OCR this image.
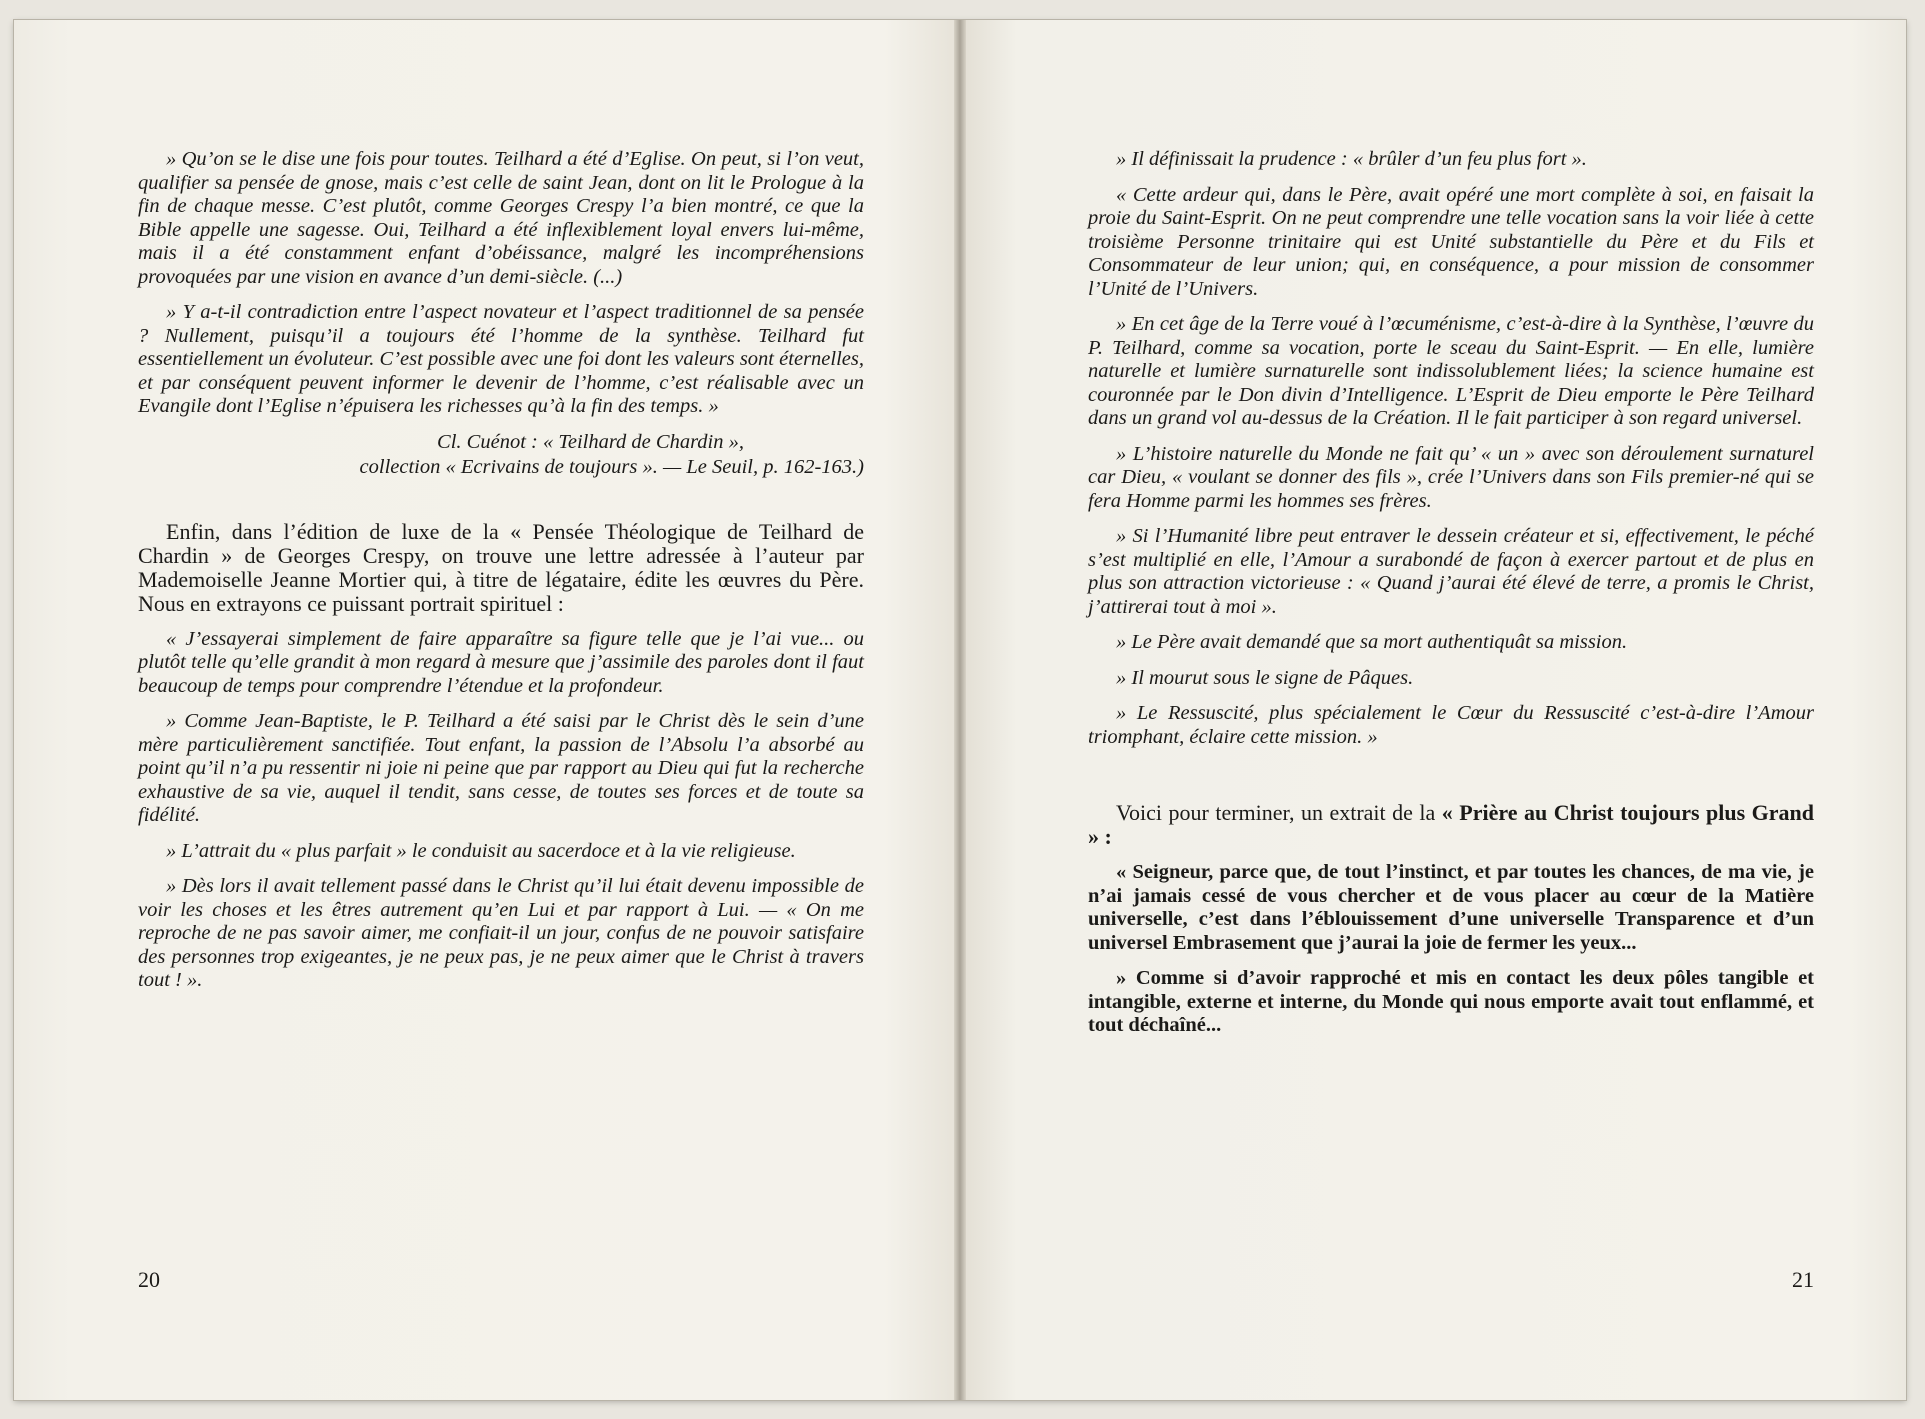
» Qu’on se le dise une fois pour toutes. Teilhard a été d’Eglise. On peut, si l’on veut, qualifier sa pensée de gnose, mais c’est celle de saint Jean, dont on lit le Prologue à la fin de chaque messe. C’est plutôt, comme Georges Crespy l’a bien montré, ce que la Bible appelle une sagesse. Oui, Teilhard a été inflexiblement loyal envers lui-même, mais il a été constamment enfant d’obéissance, malgré les incompréhensions provoquées par une vision en avance d’un demi-siècle. (...)

» Y a-t-il contradiction entre l’aspect novateur et l’aspect traditionnel de sa pensée ? Nullement, puisqu’il a toujours été l’homme de la synthèse. Teilhard fut essentiellement un évoluteur. C’est possible avec une foi dont les valeurs sont éternelles, et par conséquent peuvent informer le devenir de l’homme, c’est réalisable avec un Evangile dont l’Eglise n’épuisera les richesses qu’à la fin des temps. »

Cl. Cuénot : « Teilhard de Chardin »,

collection « Ecrivains de toujours ». — Le Seuil, p. 162-163.)

Enfin, dans l’édition de luxe de la « Pensée Théologique de Teilhard de Chardin » de Georges Crespy, on trouve une lettre adressée à l’auteur par Mademoiselle Jeanne Mortier qui, à titre de légataire, édite les œuvres du Père. Nous en extrayons ce puissant portrait spirituel :

« J’essayerai simplement de faire apparaître sa figure telle que je l’ai vue... ou plutôt telle qu’elle grandit à mon regard à mesure que j’assimile des paroles dont il faut beaucoup de temps pour comprendre l’étendue et la profondeur.

» Comme Jean-Baptiste, le P. Teilhard a été saisi par le Christ dès le sein d’une mère particulièrement sanctifiée. Tout enfant, la passion de l’Absolu l’a absorbé au point qu’il n’a pu ressentir ni joie ni peine que par rapport au Dieu qui fut la recherche exhaustive de sa vie, auquel il tendit, sans cesse, de toutes ses forces et de toute sa fidélité.

» L’attrait du « plus parfait » le conduisit au sacerdoce et à la vie religieuse.

» Dès lors il avait tellement passé dans le Christ qu’il lui était devenu impossible de voir les choses et les êtres autrement qu’en Lui et par rapport à Lui. — « On me reproche de ne pas savoir aimer, me confiait-il un jour, confus de ne pouvoir satisfaire des personnes trop exigeantes, je ne peux pas, je ne peux aimer que le Christ à travers tout ! ».

20

» Il définissait la prudence : « brûler d’un feu plus fort ».

« Cette ardeur qui, dans le Père, avait opéré une mort complète à soi, en faisait la proie du Saint-Esprit. On ne peut comprendre une telle vocation sans la voir liée à cette troisième Personne trinitaire qui est Unité substantielle du Père et du Fils et Consommateur de leur union; qui, en conséquence, a pour mission de consommer l’Unité de l’Univers.

» En cet âge de la Terre voué à l’œcuménisme, c’est-à-dire à la Synthèse, l’œuvre du P. Teilhard, comme sa vocation, porte le sceau du Saint-Esprit. — En elle, lumière naturelle et lumière surnaturelle sont indissolublement liées; la science humaine est couronnée par le Don divin d’Intelligence. L’Esprit de Dieu emporte le Père Teilhard dans un grand vol au-dessus de la Création. Il le fait participer à son regard universel.

» L’histoire naturelle du Monde ne fait qu’ « un » avec son déroulement surnaturel car Dieu, « voulant se donner des fils », crée l’Univers dans son Fils premier-né qui se fera Homme parmi les hommes ses frères.

» Si l’Humanité libre peut entraver le dessein créateur et si, effectivement, le péché s’est multiplié en elle, l’Amour a surabondé de façon à exercer partout et de plus en plus son attraction victorieuse : « Quand j’aurai été élevé de terre, a promis le Christ, j’attirerai tout à moi ».

» Le Père avait demandé que sa mort authentiquât sa mission.

» Il mourut sous le signe de Pâques.

» Le Ressuscité, plus spécialement le Cœur du Ressuscité c’est-à-dire l’Amour triomphant, éclaire cette mission. »

Voici pour terminer, un extrait de la « Prière au Christ toujours plus Grand » :

« Seigneur, parce que, de tout l’instinct, et par toutes les chances, de ma vie, je n’ai jamais cessé de vous chercher et de vous placer au cœur de la Matière universelle, c’est dans l’éblouissement d’une universelle Transparence et d’un universel Embrasement que j’aurai la joie de fermer les yeux...

» Comme si d’avoir rapproché et mis en contact les deux pôles tangible et intangible, externe et interne, du Monde qui nous emporte avait tout enflammé, et tout déchaîné...

21
